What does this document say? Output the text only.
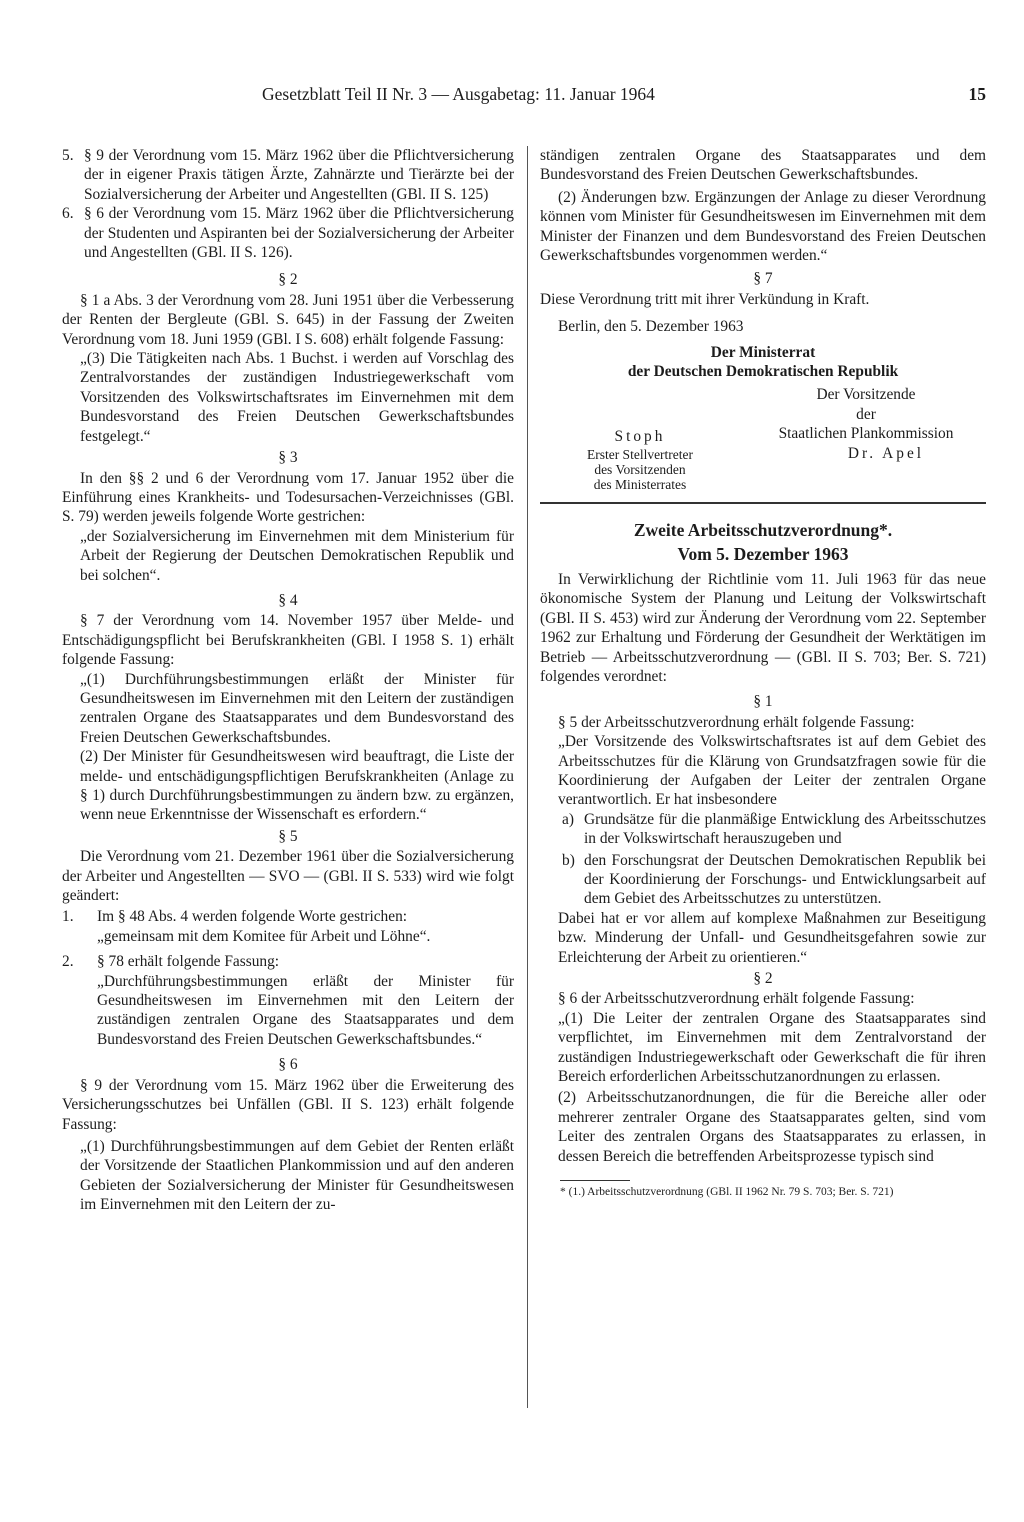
Gesetzblatt Teil II Nr. 3 — Ausgabetag: 11. Januar 1964	15
5. § 9 der Verordnung vom 15. März 1962 über die Pflichtversicherung der in eigener Praxis tätigen Ärzte, Zahnärzte und Tierärzte bei der Sozialversicherung der Arbeiter und Angestellten (GBl. II S. 125)
6. § 6 der Verordnung vom 15. März 1962 über die Pflichtversicherung der Studenten und Aspiranten bei der Sozialversicherung der Arbeiter und Angestellten (GBl. II S. 126).
§ 2

§ 1 a Abs. 3 der Verordnung vom 28. Juni 1951 über die Verbesserung der Renten der Bergleute (GBl. S. 645) in der Fassung der Zweiten Verordnung vom 18. Juni 1959 (GBl. I S. 608) erhält folgende Fassung:

„(3) Die Tätigkeiten nach Abs. 1 Buchst. i werden auf Vorschlag des Zentralvorstandes der zuständigen Industriegewerkschaft vom Vorsitzenden des Volkswirtschaftsrates im Einvernehmen mit dem Bundesvorstand des Freien Deutschen Gewerkschaftsbundes festgelegt.“

§ 3

In den §§ 2 und 6 der Verordnung vom 17. Januar 1952 über die Einführung eines Krankheits- und Todesursachen-Verzeichnisses (GBl. S. 79) werden jeweils folgende Worte gestrichen:

„der Sozialversicherung im Einvernehmen mit dem Ministerium für Arbeit der Regierung der Deutschen Demokratischen Republik und bei solchen“.

§ 4

§ 7 der Verordnung vom 14. November 1957 über Melde- und Entschädigungspflicht bei Berufskrankheiten (GBl. I 1958 S. 1) erhält folgende Fassung:

„(1) Durchführungsbestimmungen erläßt der Minister für Gesundheitswesen im Einvernehmen mit den Leitern der zuständigen zentralen Organe des Staatsapparates und dem Bundesvorstand des Freien Deutschen Gewerkschaftsbundes.

(2) Der Minister für Gesundheitswesen wird beauftragt, die Liste der melde- und entschädigungspflichtigen Berufskrankheiten (Anlage zu § 1) durch Durchführungsbestimmungen zu ändern bzw. zu ergänzen, wenn neue Erkenntnisse der Wissenschaft es erfordern.“

§ 5

Die Verordnung vom 21. Dezember 1961 über die Sozialversicherung der Arbeiter und Angestellten — SVO — (GBl. II S. 533) wird wie folgt geändert:

1.	Im § 48 Abs. 4 werden folgende Worte gestrichen:

„gemeinsam mit dem Komitee für Arbeit und Löhne“.

2.	§ 78 erhält folgende Fassung:

„Durchführungsbestimmungen erläßt der Minister für Gesundheitswesen im Einvernehmen mit den Leitern der zuständigen zentralen Organe des Staatsapparates und dem Bundesvorstand des Freien Deutschen Gewerkschaftsbundes.“

§ 6

§ 9 der Verordnung vom 15. März 1962 über die Erweiterung des Versicherungsschutzes bei Unfällen (GBl. II S. 123) erhält folgende Fassung:

„(1) Durchführungsbestimmungen auf dem Gebiet der Renten erläßt der Vorsitzende der Staatlichen Plankommission und auf den anderen Gebieten der Sozialversicherung der Minister für Gesundheitswesen im Einvernehmen mit den Leitern der zu-

ständigen zentralen Organe des Staatsapparates und dem Bundesvorstand des Freien Deutschen Gewerkschaftsbundes.

(2) Änderungen bzw. Ergänzungen der Anlage zu dieser Verordnung können vom Minister für Gesundheitswesen im Einvernehmen mit dem Minister der Finanzen und dem Bundesvorstand des Freien Deutschen Gewerkschaftsbundes vorgenommen werden.“

§ 7

Diese Verordnung tritt mit ihrer Verkündung in Kraft.

Berlin, den 5. Dezember 1963

Der Ministerrat
der Deutschen Demokratischen Republik
Stoph
Erster Stellvertreter
des Vorsitzenden
des Ministerrates
Der Vorsitzende
der
Staatlichen Plankommission
Dr. Apel
Zweite Arbeitsschutzverordnung*.
Vom 5. Dezember 1963

In Verwirklichung der Richtlinie vom 11. Juli 1963 für das neue ökonomische System der Planung und Leitung der Volkswirtschaft (GBl. II S. 453) wird zur Änderung der Verordnung vom 22. September 1962 zur Erhaltung und Förderung der Gesundheit der Werktätigen im Betrieb — Arbeitsschutzverordnung — (GBl. II S. 703; Ber. S. 721) folgendes verordnet:

§ 1

§ 5 der Arbeitsschutzverordnung erhält folgende Fassung:

„Der Vorsitzende des Volkswirtschaftsrates ist auf dem Gebiet des Arbeitsschutzes für die Klärung von Grundsatzfragen sowie für die Koordinierung der Aufgaben der Leiter der zentralen Organe verantwortlich. Er hat insbesondere

a) Grundsätze für die planmäßige Entwicklung des Arbeitsschutzes in der Volkswirtschaft herauszugeben und
b) den Forschungsrat der Deutschen Demokratischen Republik bei der Koordinierung der Forschungs- und Entwicklungsarbeit auf dem Gebiet des Arbeitsschutzes zu unterstützen.

Dabei hat er vor allem auf komplexe Maßnahmen zur Beseitigung bzw. Minderung der Unfall- und Gesundheitsgefahren sowie zur Erleichterung der Arbeit zu orientieren.“

§ 2

§ 6 der Arbeitsschutzverordnung erhält folgende Fassung:

„(1) Die Leiter der zentralen Organe des Staatsapparates sind verpflichtet, im Einvernehmen mit dem Zentralvorstand der zuständigen Industriegewerkschaft oder Gewerkschaft die für ihren Bereich erforderlichen Arbeitsschutzanordnungen zu erlassen.

(2) Arbeitsschutzanordnungen, die für die Bereiche aller oder mehrerer zentraler Organe des Staatsapparates gelten, sind vom Leiter des zentralen Organs des Staatsapparates zu erlassen, in dessen Bereich die betreffenden Arbeitsprozesse typisch sind

* (1.) Arbeitsschutzverordnung (GBl. II 1962 Nr. 79 S. 703; Ber. S. 721)
